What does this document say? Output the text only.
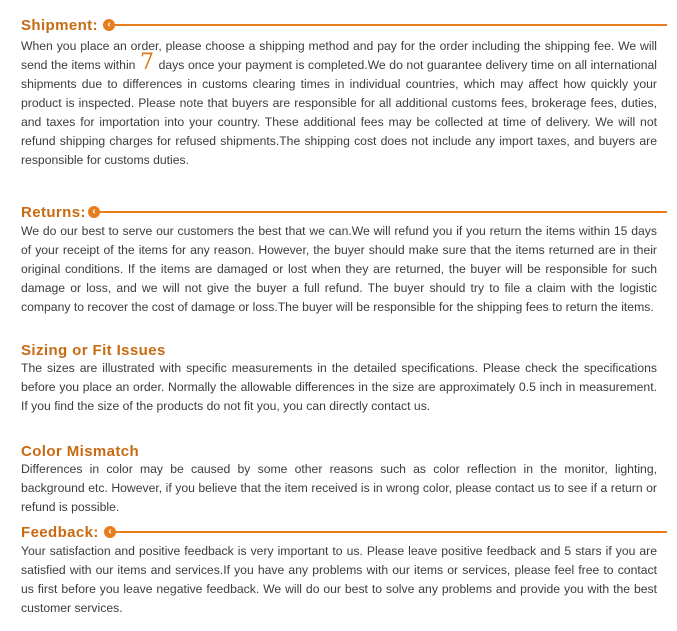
Shipment: ‹

When you place an order, please choose a shipping method and pay for the order including the shipping fee. We will send the items within 7 days once your payment is completed.We do not guarantee delivery time on all international shipments due to differences in customs clearing times in individual countries, which may affect how quickly your product is inspected. Please note that buyers are responsible for all additional customs fees, brokerage fees, duties, and taxes for importation into your country. These additional fees may be collected at time of delivery. We will not refund shipping charges for refused shipments.The shipping cost does not include any import taxes, and buyers are responsible for customs duties.

Returns: ‹

We do our best to serve our customers the best that we can.We will refund you if you return the items within 15 days of your receipt of the items for any reason. However, the buyer should make sure that the items returned are in their original conditions. If the items are damaged or lost when they are returned, the buyer will be responsible for such damage or loss, and we will not give the buyer a full refund. The buyer should try to file a claim with the logistic company to recover the cost of damage or loss.The buyer will be responsible for the shipping fees to return the items.

Sizing or Fit Issues

The sizes are illustrated with specific measurements in the detailed specifications. Please check the specifications before you place an order. Normally the allowable differences in the size are approximately 0.5 inch in measurement. If you find the size of the products do not fit you, you can directly contact us.

Color Mismatch

Differences in color may be caused by some other reasons such as color reflection in the monitor, lighting, background etc. However, if you believe that the item received is in wrong color, please contact us to see if a return or refund is possible.

Feedback: ‹

Your satisfaction and positive feedback is very important to us. Please leave positive feedback and 5 stars if you are satisfied with our items and services.If you have any problems with our items or services, please feel free to contact us first before you leave negative feedback. We will do our best to solve any problems and provide you with the best customer services.
